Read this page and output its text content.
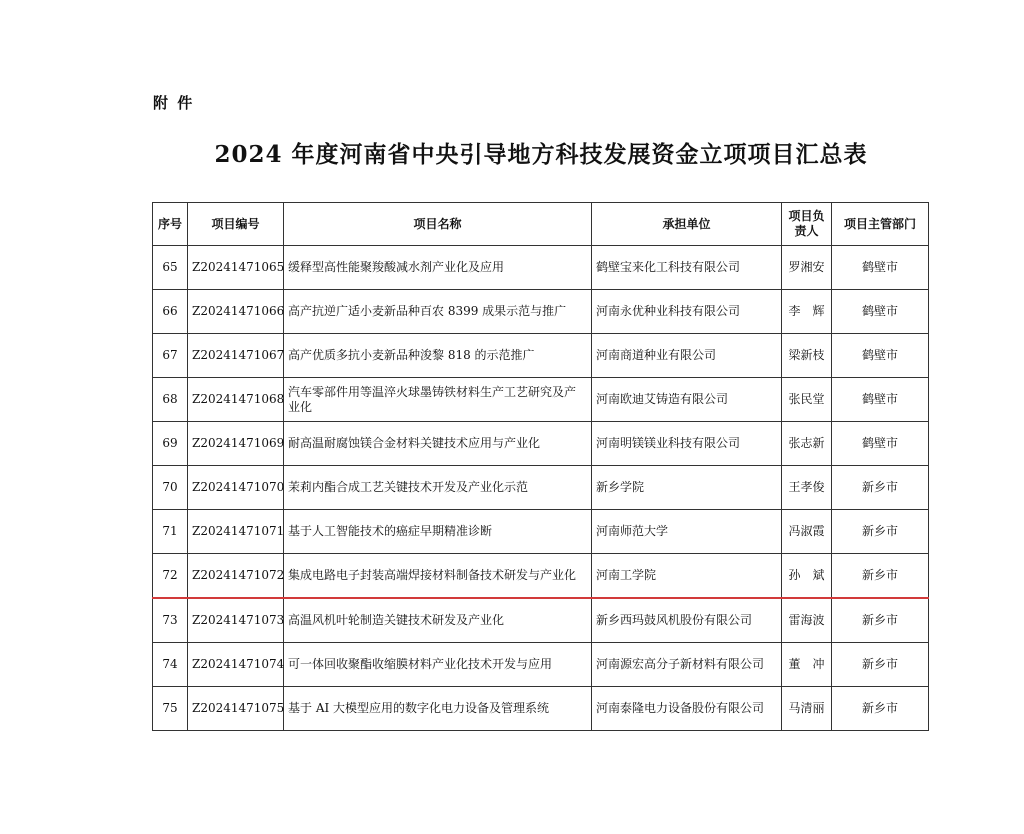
附 件
2024 年度河南省中央引导地方科技发展资金立项项目汇总表
序号	项目编号	项目名称	承担单位	项目负责人	项目主管部门
65	Z20241471065	缓释型高性能聚羧酸减水剂产业化及应用	鹤壁宝来化工科技有限公司	罗湘安	鹤壁市
66	Z20241471066	高产抗逆广适小麦新品种百农 8399 成果示范与推广	河南永优种业科技有限公司	李　辉	鹤壁市
67	Z20241471067	高产优质多抗小麦新品种浚黎 818 的示范推广	河南商道种业有限公司	梁新枝	鹤壁市
68	Z20241471068	汽车零部件用等温淬火球墨铸铁材料生产工艺研究及产业化	河南欧迪艾铸造有限公司	张民堂	鹤壁市
69	Z20241471069	耐高温耐腐蚀镁合金材料关键技术应用与产业化	河南明镁镁业科技有限公司	张志新	鹤壁市
70	Z20241471070	茉莉内酯合成工艺关键技术开发及产业化示范	新乡学院	王孝俊	新乡市
71	Z20241471071	基于人工智能技术的癌症早期精准诊断	河南师范大学	冯淑霞	新乡市
72	Z20241471072	集成电路电子封装高端焊接材料制备技术研发与产业化	河南工学院	孙　斌	新乡市
73	Z20241471073	高温风机叶轮制造关键技术研发及产业化	新乡西玛鼓风机股份有限公司	雷海波	新乡市
74	Z20241471074	可一体回收聚酯收缩膜材料产业化技术开发与应用	河南源宏高分子新材料有限公司	董　冲	新乡市
75	Z20241471075	基于 AI 大模型应用的数字化电力设备及管理系统	河南泰隆电力设备股份有限公司	马清丽	新乡市
